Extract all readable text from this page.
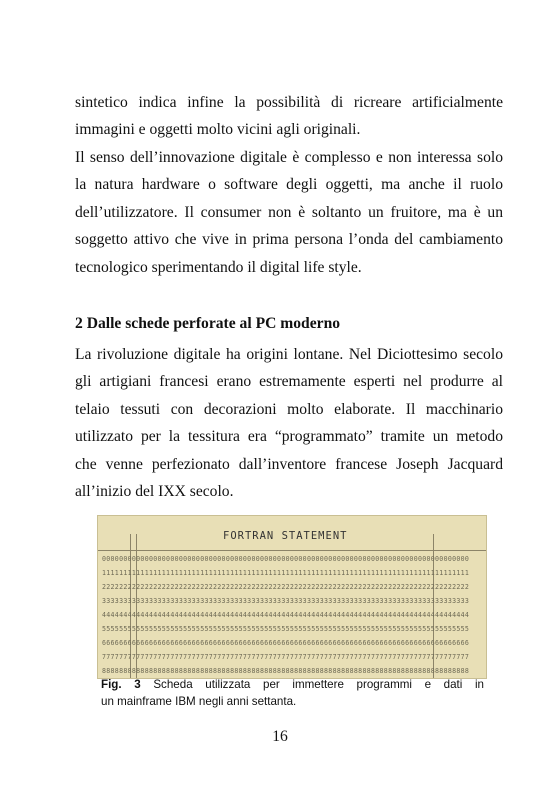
sintetico indica infine la possibilità di ricreare artificialmente
immagini e oggetti molto vicini agli originali.
Il senso dell’innovazione digitale è complesso e non interessa solo
la natura hardware o software degli oggetti, ma anche il ruolo
dell’utilizzatore. Il consumer non è soltanto un fruitore, ma è un
soggetto attivo che vive in prima persona l’onda del cambiamento
tecnologico sperimentando il digital life style.
2 Dalle schede perforate al PC moderno
La rivoluzione digitale ha origini lontane. Nel Diciottesimo secolo
gli artigiani francesi erano estremamente esperti nel produrre al
telaio tessuti con decorazioni molto elaborate. Il macchinario
utilizzato per la tessitura era “programmato” tramite un metodo
che venne perfezionato dall’inventore francese Joseph Jacquard
all’inizio del IXX secolo.
FORTRAN STATEMENT
00000000000000000000000000000000000000000000000000000000000000000000000000000000000000
11111111111111111111111111111111111111111111111111111111111111111111111111111111111111
22222222222222222222222222222222222222222222222222222222222222222222222222222222222222
33333333333333333333333333333333333333333333333333333333333333333333333333333333333333
44444444444444444444444444444444444444444444444444444444444444444444444444444444444444
55555555555555555555555555555555555555555555555555555555555555555555555555555555555555
66666666666666666666666666666666666666666666666666666666666666666666666666666666666666
77777777777777777777777777777777777777777777777777777777777777777777777777777777777777
88888888888888888888888888888888888888888888888888888888888888888888888888888888888888

Fig. 3 Scheda utilizzata per immettere programmi e dati in
un mainframe IBM negli anni settanta.
16
